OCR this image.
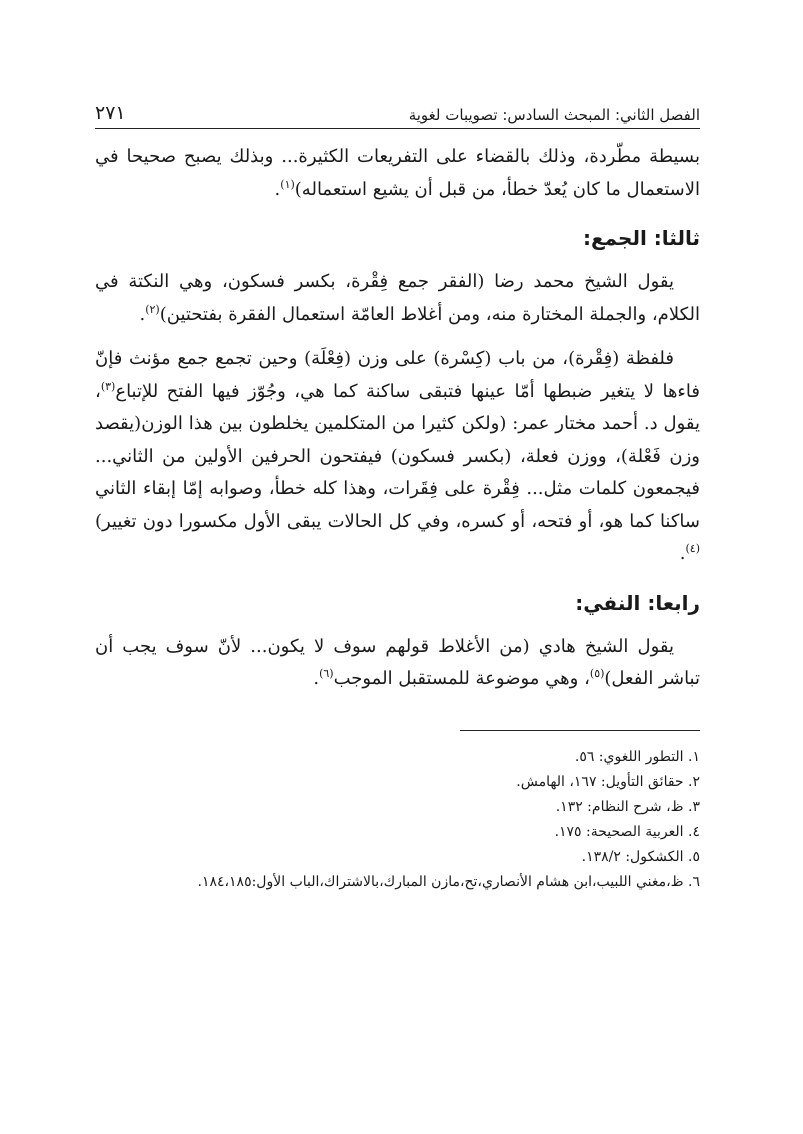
الفصل الثاني: المبحث السادس: تصويبات لغوية
٢٧١

بسيطة مطّردة، وذلك بالقضاء على التفريعات الكثيرة... وبذلك يصبح صحيحا في الاستعمال ما كان يُعدّ خطأ، من قبل أن يشيع استعماله)$^{(١)}$.

ثالثا: الجمع:

يقول الشيخ محمد رضا (الفقر جمع فِقْرة، بكسر فسكون، وهي النكتة في الكلام، والجملة المختارة منه، ومن أغلاط العامّة استعمال الفقرة بفتحتين)$^{(٢)}$.

فلفظة (فِقْرة)، من باب (كِسْرة) على وزن (فِعْلَة) وحين تجمع جمع مؤنث فإنّ فاءها لا يتغير ضبطها أمّا عينها فتبقى ساكنة كما هي، وجُوّز فيها الفتح للإتباع$^{(٣)}$، يقول د. أحمد مختار عمر: (ولكن كثيرا من المتكلمين يخلطون بين هذا الوزن(يقصد وزن فَعْلة)، ووزن فعلة، (بكسر فسكون) فيفتحون الحرفين الأولين من الثاني... فيجمعون كلمات مثل... فِقْرة على فِقَرات، وهذا كله خطأ، وصوابه إمّا إبقاء الثاني ساكنا كما هو، أو فتحه، أو كسره، وفي كل الحالات يبقى الأول مكسورا دون تغيير)$^{(٤)}$.

رابعا: النفي:

يقول الشيخ هادي (من الأغلاط قولهم سوف لا يكون... لأنّ سوف يجب أن تباشر الفعل)$^{(٥)}$، وهي موضوعة للمستقبل الموجب$^{(٦)}$.

١. التطور اللغوي: ٥٦.
٢. حقائق التأويل: ١٦٧، الهامش.
٣. ظ، شرح النظام: ١٣٢.
٤. العربية الصحيحة: ١٧٥.
٥. الكشكول: ١٣٨/٢.
٦. ظ،مغني اللبيب،ابن هشام الأنصاري،تح،مازن المبارك،بالاشتراك،الباب الأول:١٨٤،١٨٥.
